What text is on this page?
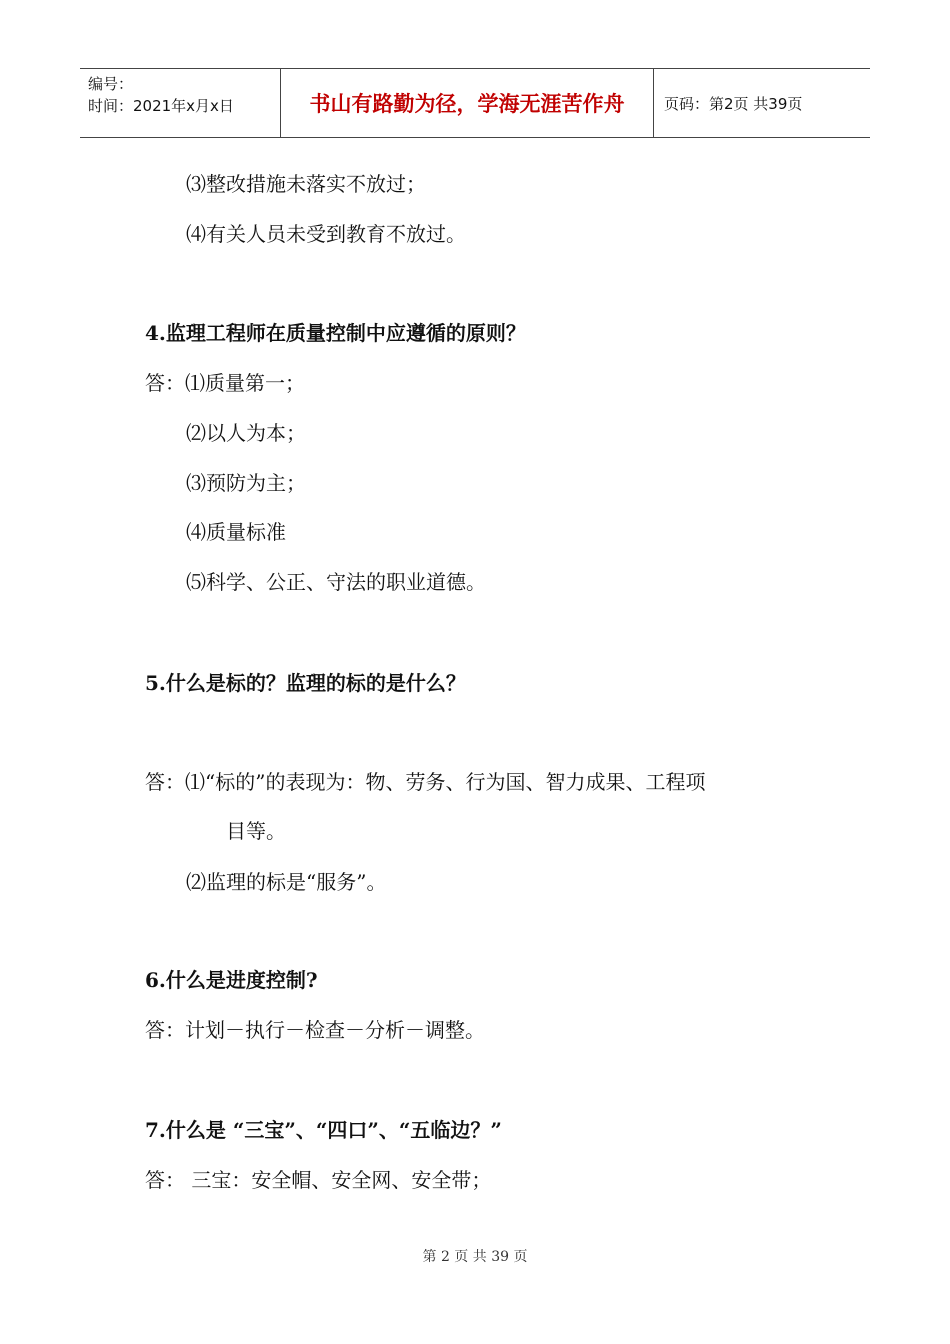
编号：
时间：2021年x月x日	书山有路勤为径，学海无涯苦作舟	页码：第2页 共39页
⑶整改措施未落实不放过；
⑷有关人员未受到教育不放过。
4.监理工程师在质量控制中应遵循的原则？
答：⑴质量第一；
⑵以人为本；
⑶预防为主；
⑷质量标准
⑸科学、公正、守法的职业道德。
5.什么是标的？监理的标的是什么？
答：⑴“标的”的表现为：物、劳务、行为国、智力成果、工程项
目等。
⑵监理的标是“服务”。
6.什么是进度控制?
答：计划－执行－检查－分析－调整。
7.什么是 “三宝”、“四口”、“五临边？”
答： 三宝：安全帽、安全网、安全带；
第 2 页 共 39 页
